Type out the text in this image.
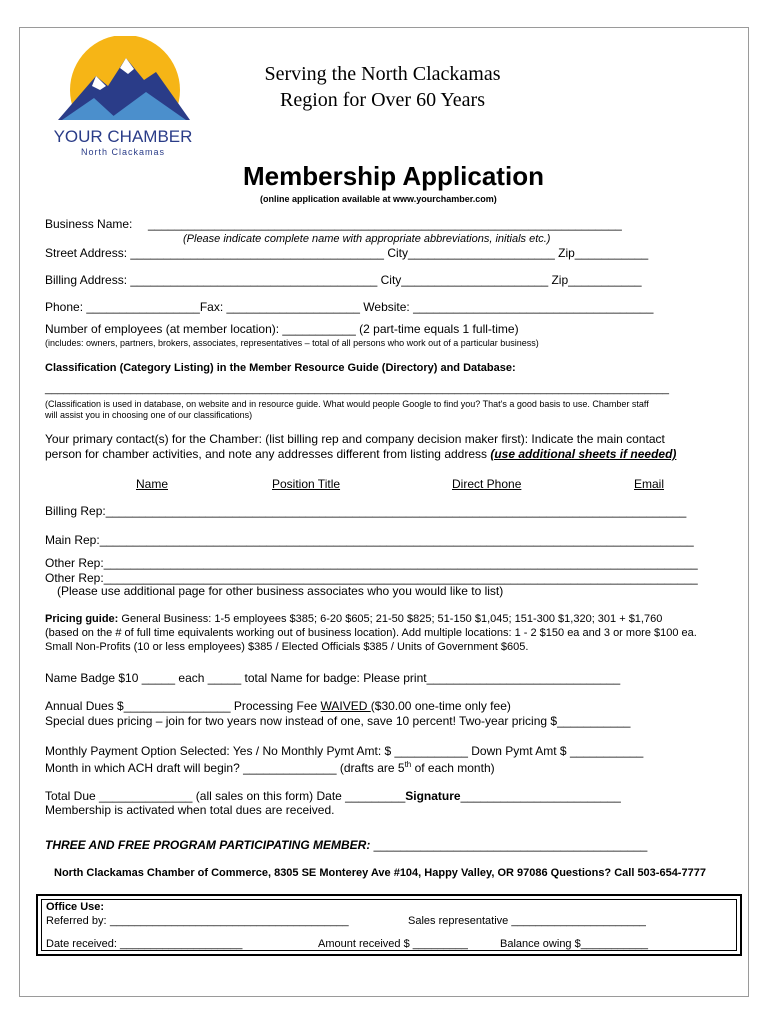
YOUR CHAMBER
North Clackamas
Serving the North Clackamas Region for Over 60 Years
Membership Application
(online application available at www.yourchamber.com)
Business Name: _______________________________________________________________________
(Please indicate complete name with appropriate abbreviations, initials etc.)
Street Address: ______________________________________ City______________________ Zip___________
Billing Address: _____________________________________ City______________________ Zip___________
Phone: _________________Fax: ____________________ Website: ____________________________________
Number of employees (at member location): ___________ (2 part-time equals 1 full-time)
(includes: owners, partners, brokers, associates, representatives – total of all persons who work out of a particular business)
Classification (Category Listing) in the Member Resource Guide (Directory) and Database:
______________________________________________________________________________________________________
(Classification is used in database, on website and in resource guide. What would people Google to find you? That's a good basis to use. Chamber staff
will assist you in choosing one of our classifications)
Your primary contact(s) for the Chamber: (list billing rep and company decision maker first): Indicate the main contact
person for chamber activities, and note any addresses different from listing address (use additional sheets if needed)
Name	Position Title	Direct Phone	Email
Billing Rep:_______________________________________________________________________________________
Main Rep:_________________________________________________________________________________________
Other Rep:_________________________________________________________________________________________
Other Rep:_________________________________________________________________________________________
(Please use additional page for other business associates who you would like to list)
Pricing guide: General Business: 1-5 employees $385; 6-20 $605; 21-50 $825; 51-150 $1,045; 151-300 $1,320; 301 + $1,760
(based on the # of full time equivalents working out of business location). Add multiple locations: 1 - 2 $150 ea and 3 or more $100 ea.
Small Non-Profits (10 or less employees) $385 / Elected Officials $385 / Units of Government $605.
Name Badge $10 _____ each _____ total Name for badge: Please print_____________________________
Annual Dues $________________ Processing Fee WAIVED ($30.00 one-time only fee)
Special dues pricing – join for two years now instead of one, save 10 percent! Two-year pricing $___________
Monthly Payment Option Selected: Yes / No Monthly Pymt Amt: $ ___________ Down Pymt Amt $ ___________
Month in which ACH draft will begin? ______________ (drafts are 5th of each month)
Total Due ______________ (all sales on this form) Date _________Signature________________________
Membership is activated when total dues are received.
THREE AND FREE PROGRAM PARTICIPATING MEMBER: _________________________________________
North Clackamas Chamber of Commerce, 8305 SE Monterey Ave #104, Happy Valley, OR 97086 Questions? Call 503-654-7777
Office Use:
Referred by: _______________________________________	Sales representative ______________________
Date received: ____________________	Amount received $ _________	Balance owing $___________
